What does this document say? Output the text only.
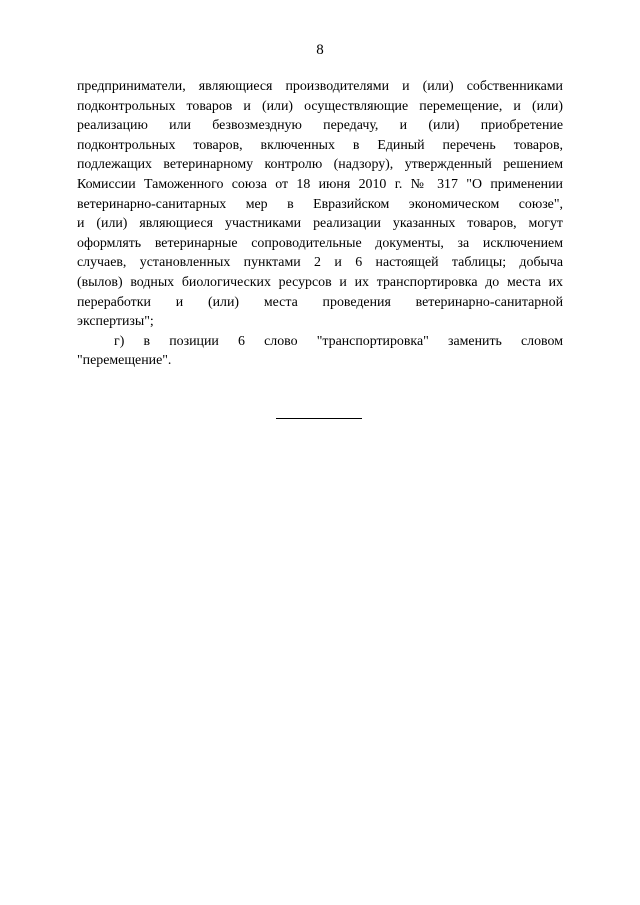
8
предприниматели, являющиеся производителями и (или) собственниками
подконтрольных товаров и (или) осуществляющие перемещение, и (или)
реализацию или безвозмездную передачу, и (или) приобретение
подконтрольных товаров, включенных в Единый перечень товаров,
подлежащих ветеринарному контролю (надзору), утвержденный решением
Комиссии Таможенного союза от 18 июня 2010 г. № 317 "О применении
ветеринарно-санитарных мер в Евразийском экономическом союзе",
и (или) являющиеся участниками реализации указанных товаров, могут
оформлять ветеринарные сопроводительные документы, за исключением
случаев, установленных пунктами 2 и 6 настоящей таблицы; добыча
(вылов) водных биологических ресурсов и их транспортировка до места их
переработки и (или) места проведения ветеринарно-санитарной
экспертизы";
г) в позиции 6 слово "транспортировка" заменить словом
"перемещение".
